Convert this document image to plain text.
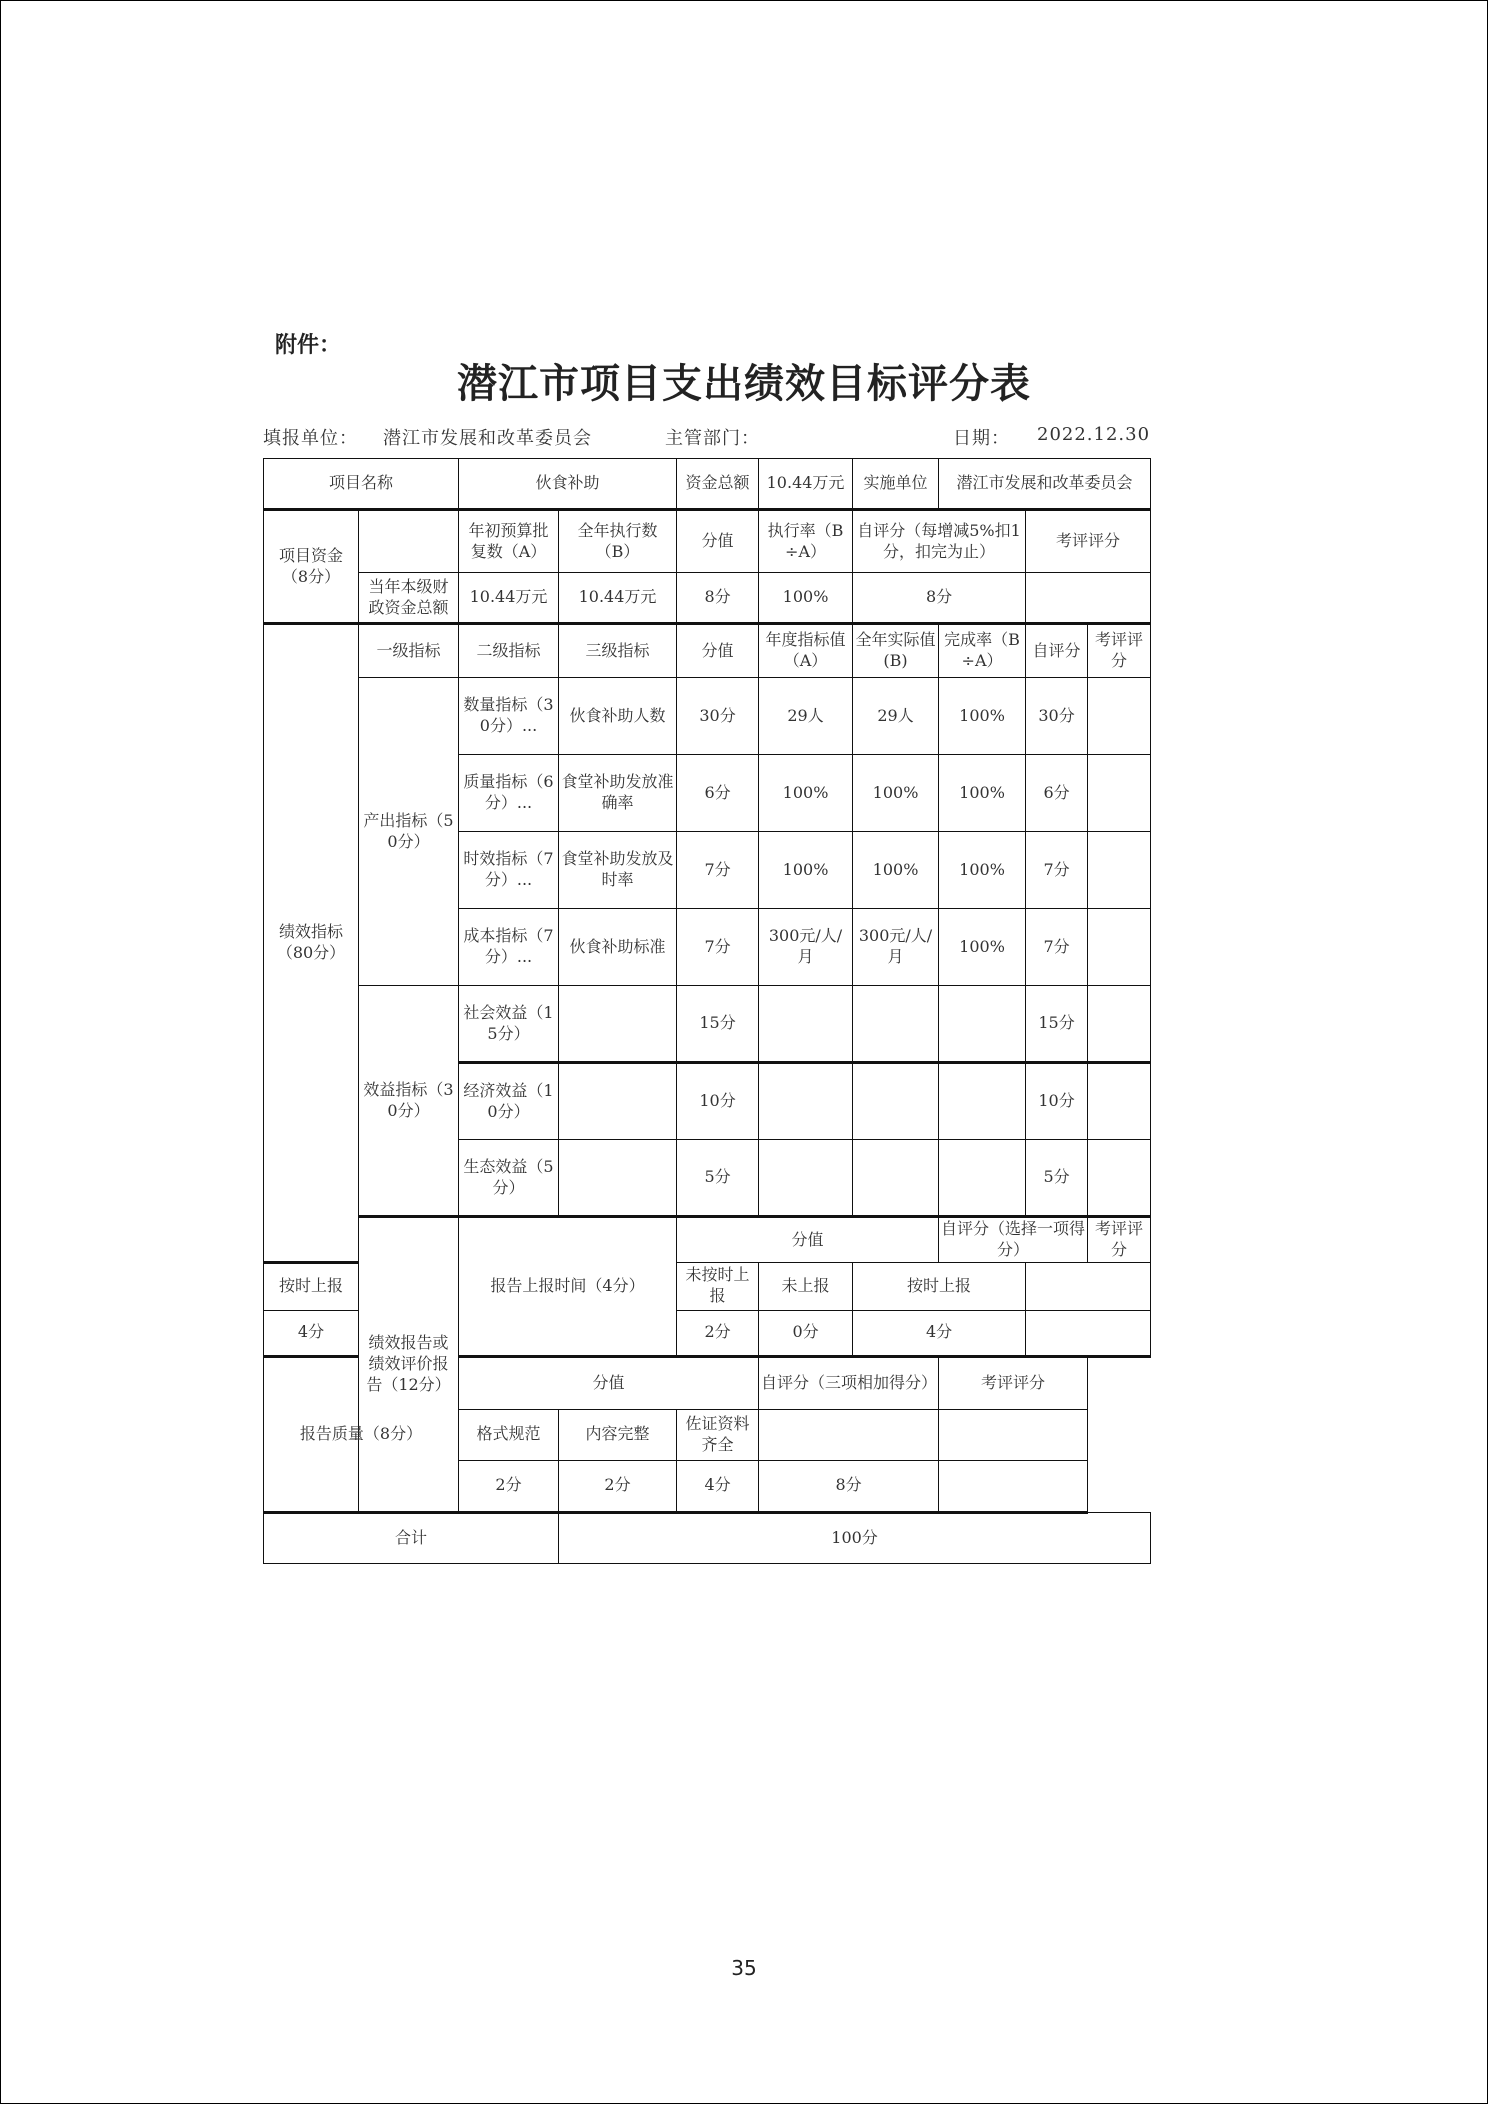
附件：
潜江市项目支出绩效目标评分表
填报单位： 潜江市发展和改革委员会	主管部门：	日期： 2022.12.30
项目名称		伙食补助		资金总额	10.44万元	实施单位	潜江市发展和改革委员会			
项目资金（8分）		年初预算批复数（A）	全年执行数（B）	分值	执行率（B÷A）	自评分（每增减5%扣1分，扣完为止）		考评评分		
	当年本级财政资金总额	10.44万元	10.44万元	8分	100%	8分				
绩效指标（80分）	一级指标	二级指标	三级指标	分值	年度指标值（A）	全年实际值(B)	完成率（B÷A）	自评分	考评评分	
	产出指标（50分）	数量指标（30分）...	伙食补助人数	30分	29人	29人	100%	30分		
		质量指标（6分）...	食堂补助发放准确率	6分	100%	100%	100%	6分		
		时效指标（7分）...	食堂补助发放及时率	7分	100%	100%	100%	7分		
		成本指标（7分）...	伙食补助标准	7分	300元/人/月	300元/人/月	100%	7分		
	效益指标（30分）	社会效益（15分）		15分				15分		
		经济效益（10分）		10分				10分		
		生态效益（5分）		5分				5分		
	绩效报告或绩效评价报告（12分）	报告上报时间（4分）		分值			自评分（选择一项得分）		考评评分	
按时上报				未按时上报	未上报	按时上报				
4分				2分	0分	4分				
报告质量（8分）		分值			自评分（三项相加得分）		考评评分			
		格式规范	内容完整	佐证资料齐全						
		2分	2分	4分	8分					
合计			100分							
35
